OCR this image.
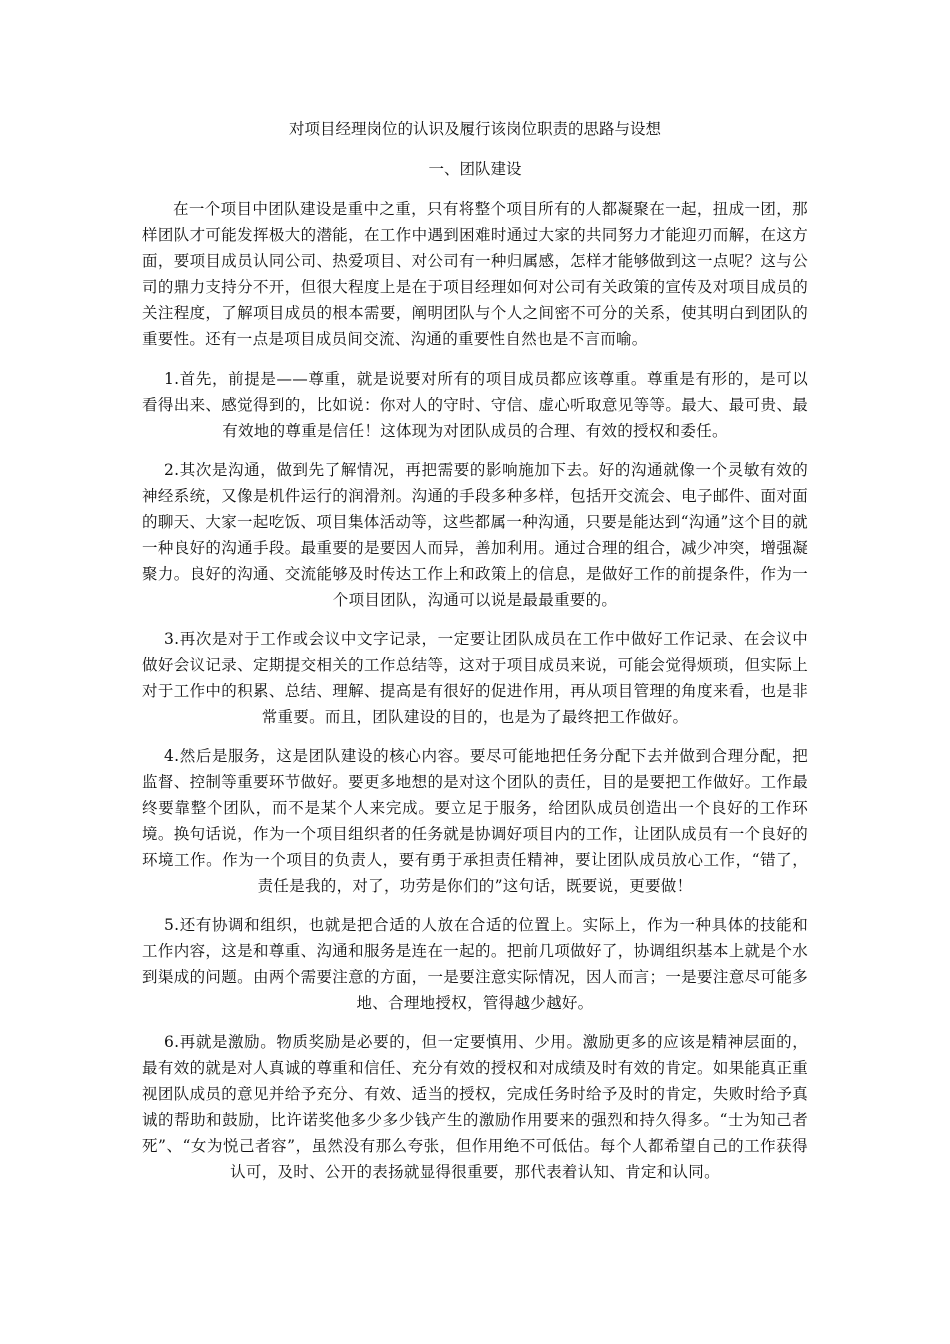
对项目经理岗位的认识及履行该岗位职责的思路与设想
一、团队建设

在一个项目中团队建设是重中之重，只有将整个项目所有的人都凝聚在一起，扭成一团，那样团队才可能发挥极大的潜能，在工作中遇到困难时通过大家的共同努力才能迎刃而解，在这方面，要项目成员认同公司、热爱项目、对公司有一种归属感，怎样才能够做到这一点呢？这与公司的鼎力支持分不开，但很大程度上是在于项目经理如何对公司有关政策的宣传及对项目成员的关注程度，了解项目成员的根本需要，阐明团队与个人之间密不可分的关系，使其明白到团队的重要性。还有一点是项目成员间交流、沟通的重要性自然也是不言而喻。

1.首先，前提是——尊重，就是说要对所有的项目成员都应该尊重。尊重是有形的，是可以看得出来、感觉得到的，比如说：你对人的守时、守信、虚心听取意见等等。最大、最可贵、最有效地的尊重是信任！这体现为对团队成员的合理、有效的授权和委任。

2.其次是沟通，做到先了解情况，再把需要的影响施加下去。好的沟通就像一个灵敏有效的神经系统，又像是机件运行的润滑剂。沟通的手段多种多样，包括开交流会、电子邮件、面对面的聊天、大家一起吃饭、项目集体活动等，这些都属一种沟通，只要是能达到“沟通”这个目的就一种良好的沟通手段。最重要的是要因人而异，善加利用。通过合理的组合，减少冲突，增强凝聚力。良好的沟通、交流能够及时传达工作上和政策上的信息，是做好工作的前提条件，作为一个项目团队，沟通可以说是最最重要的。

3.再次是对于工作或会议中文字记录，一定要让团队成员在工作中做好工作记录、在会议中做好会议记录、定期提交相关的工作总结等，这对于项目成员来说，可能会觉得烦琐，但实际上对于工作中的积累、总结、理解、提高是有很好的促进作用，再从项目管理的角度来看，也是非常重要。而且，团队建设的目的，也是为了最终把工作做好。

4.然后是服务，这是团队建设的核心内容。要尽可能地把任务分配下去并做到合理分配，把监督、控制等重要环节做好。要更多地想的是对这个团队的责任，目的是要把工作做好。工作最终要靠整个团队，而不是某个人来完成。要立足于服务，给团队成员创造出一个良好的工作环境。换句话说，作为一个项目组织者的任务就是协调好项目内的工作，让团队成员有一个良好的环境工作。作为一个项目的负责人，要有勇于承担责任精神，要让团队成员放心工作，“错了，责任是我的，对了，功劳是你们的”这句话，既要说，更要做！

5.还有协调和组织，也就是把合适的人放在合适的位置上。实际上，作为一种具体的技能和工作内容，这是和尊重、沟通和服务是连在一起的。把前几项做好了，协调组织基本上就是个水到渠成的问题。由两个需要注意的方面，一是要注意实际情况，因人而言；一是要注意尽可能多地、合理地授权，管得越少越好。

6.再就是激励。物质奖励是必要的，但一定要慎用、少用。激励更多的应该是精神层面的，最有效的就是对人真诚的尊重和信任、充分有效的授权和对成绩及时有效的肯定。如果能真正重视团队成员的意见并给予充分、有效、适当的授权，完成任务时给予及时的肯定，失败时给予真诚的帮助和鼓励，比许诺奖他多少多少钱产生的激励作用要来的强烈和持久得多。“士为知己者死”、“女为悦己者容”，虽然没有那么夸张，但作用绝不可低估。每个人都希望自己的工作获得认可，及时、公开的表扬就显得很重要，那代表着认知、肯定和认同。
